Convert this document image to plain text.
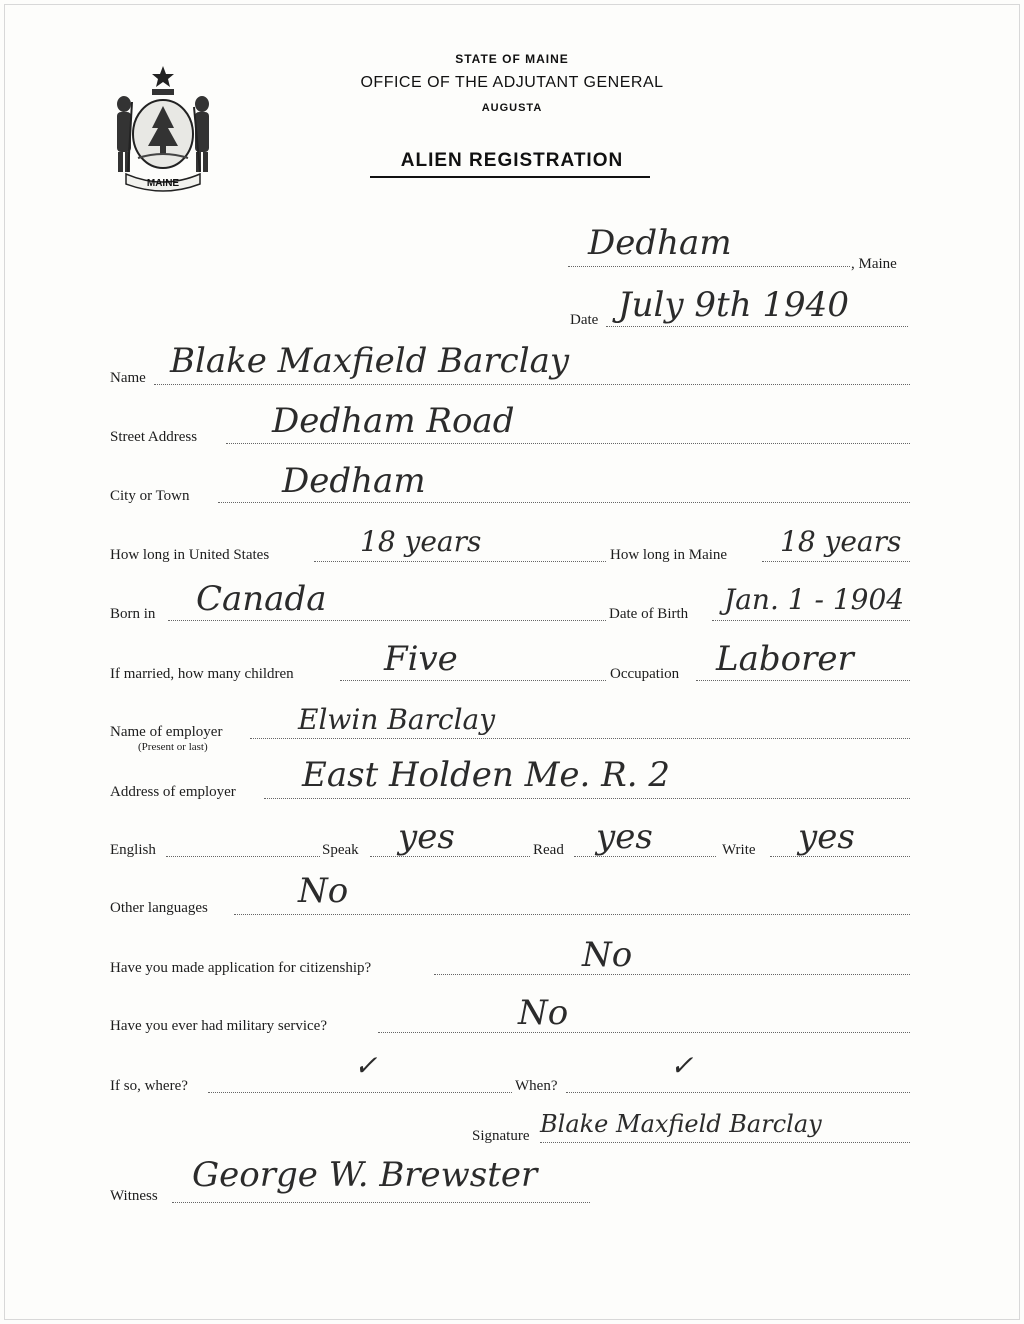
MAINE
STATE OF MAINE
OFFICE OF THE ADJUTANT GENERAL
AUGUSTA
ALIEN REGISTRATION
Dedham
, Maine
Date July 9th 1940
Name Blake Maxfield Barclay
Street Address Dedham Road
City or Town	Dedham
How long in United States	18 years	How long in Maine 18 years
Born in Canada	Date of Birth Jan. 1 - 1904
If married, how many children	Five	Occupation Laborer
Name of employer
(Present or last)
Elwin Barclay
Address of employer East Holden Me. R. 2
English	Speak yes	Read yes	Write yes
Other languages	No
Have you made application for citizenship?	No
Have you ever had military service?	No
If so, where?
✓
When?
✓
Signature Blake Maxfield Barclay
Witness
George W. Brewster
